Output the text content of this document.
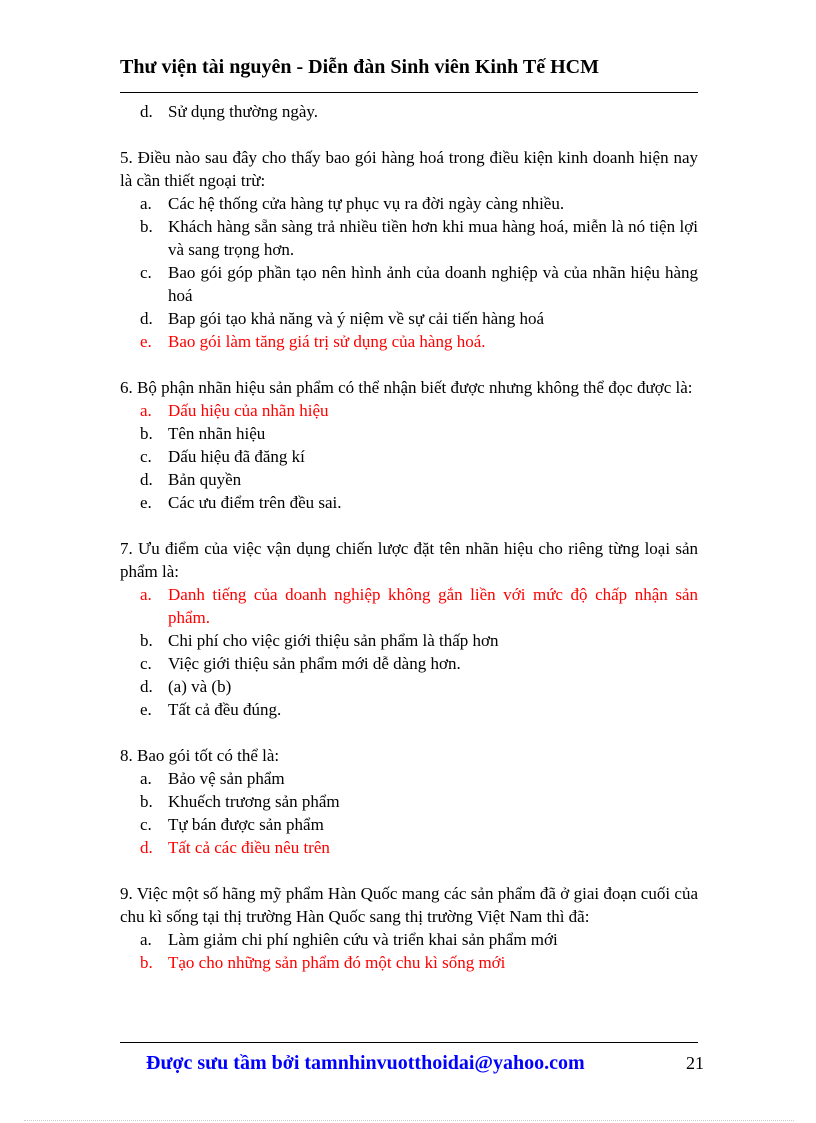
Thư viện tài nguyên - Diễn đàn Sinh viên Kinh Tế HCM
d. Sử dụng thường ngày.
5. Điều nào sau đây cho thấy bao gói hàng hoá trong điều kiện kinh doanh hiện nay là cần thiết ngoại trừ:
a. Các hệ thống cửa hàng tự phục vụ ra đời ngày càng nhiều.
b. Khách hàng sẵn sàng trả nhiều tiền hơn khi mua hàng hoá, miễn là nó tiện lợi và sang trọng hơn.
c. Bao gói góp phần tạo nên hình ảnh của doanh nghiệp và của nhãn hiệu hàng hoá
d. Bap gói tạo khả năng và ý niệm về sự cải tiến hàng hoá
e. Bao gói làm tăng giá trị sử dụng của hàng hoá.
6. Bộ phận nhãn hiệu sản phẩm có thể nhận biết được nhưng không thể đọc được là:
a. Dấu hiệu của nhãn hiệu
b. Tên nhãn hiệu
c. Dấu hiệu đã đăng kí
d. Bản quyền
e. Các ưu điểm trên đều sai.
7. Ưu điểm của việc vận dụng chiến lược đặt tên nhãn hiệu cho riêng từng loại sản phẩm là:
a. Danh tiếng của doanh nghiệp không gắn liền với mức độ chấp nhận sản phẩm.
b. Chi phí cho việc giới thiệu sản phẩm là thấp hơn
c. Việc giới thiệu sản phẩm mới dễ dàng hơn.
d. (a) và (b)
e. Tất cả đều đúng.
8. Bao gói tốt có thể là:
a. Bảo vệ sản phẩm
b. Khuếch trương sản phẩm
c. Tự bán được sản phẩm
d. Tất cả các điều nêu trên
9. Việc một số hãng mỹ phẩm Hàn Quốc mang các sản phẩm đã ở giai đoạn cuối của chu kì sống tại thị trường Hàn Quốc sang thị trường Việt Nam thì đã:
a. Làm giảm chi phí nghiên cứu và triển khai sản phẩm mới
b. Tạo cho những sản phẩm đó một chu kì sống mới
Được sưu tầm bởi tamnhinvuotthoidai@yahoo.com	21
